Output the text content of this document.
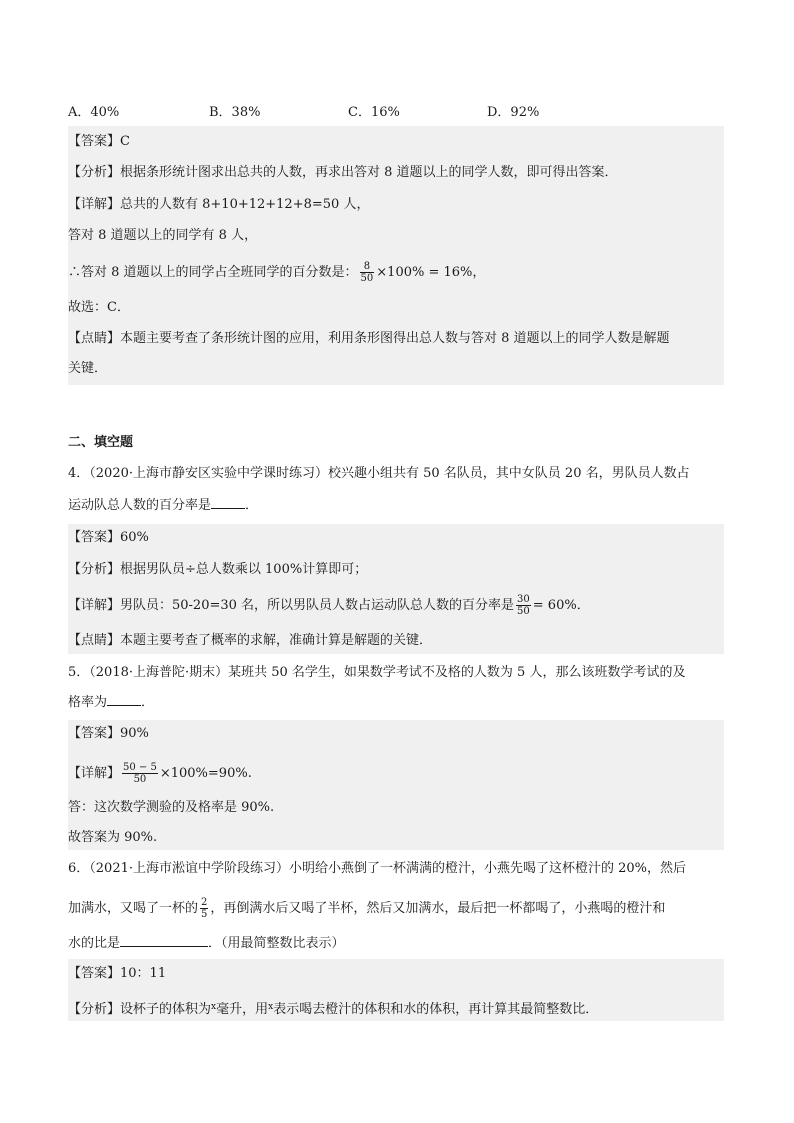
A．40%	B．38%	C．16%	D．92%
【答案】C
【分析】根据条形统计图求出总共的人数，再求出答对 8 道题以上的同学人数，即可得出答案．
【详解】总共的人数有 8+10+12+12+8=50 人，
答对 8 道题以上的同学有 8 人，
∴答对 8 道题以上的同学占全班同学的百分数是： $\frac{8}{50} \times 100\% = 16\%$，
故选：C．
【点睛】本题主要考查了条形统计图的应用，利用条形图得出总人数与答对 8 道题以上的同学人数是解题
关键．
二、填空题
4．（2020·上海市静安区实验中学课时练习）校兴趣小组共有 50 名队员，其中女队员 20 名，男队员人数占
运动队总人数的百分率是	．
【答案】60%
【分析】根据男队员÷总人数乘以 100%计算即可；
【详解】男队员：50-20=30 名，所以男队员人数占运动队总人数的百分率是 $\frac{30}{50} = 60\%$．
【点睛】本题主要考查了概率的求解，准确计算是解题的关键．
5．（2018·上海普陀·期末）某班共 50 名学生，如果数学考试不及格的人数为 5 人，那么该班数学考试的及
格率为	．
【答案】90%
【详解】 $\frac{50 - 5}{50} \times 100\%=90\%$.
答：这次数学测验的及格率是 90%.
故答案为 90%.
6．（2021·上海市淞谊中学阶段练习）小明给小燕倒了一杯满满的橙汁，小燕先喝了这杯橙汁的 20%，然后
加满水，又喝了一杯的 $\frac{2}{5}$ ，再倒满水后又喝了半杯，然后又加满水，最后把一杯都喝了，小燕喝的橙汁和
水的比是	．（用最简整数比表示）
【答案】10：11
【分析】设杯子的体积为$^x$毫升，用$^x$表示喝去橙汁的体积和水的体积，再计算其最简整数比．
